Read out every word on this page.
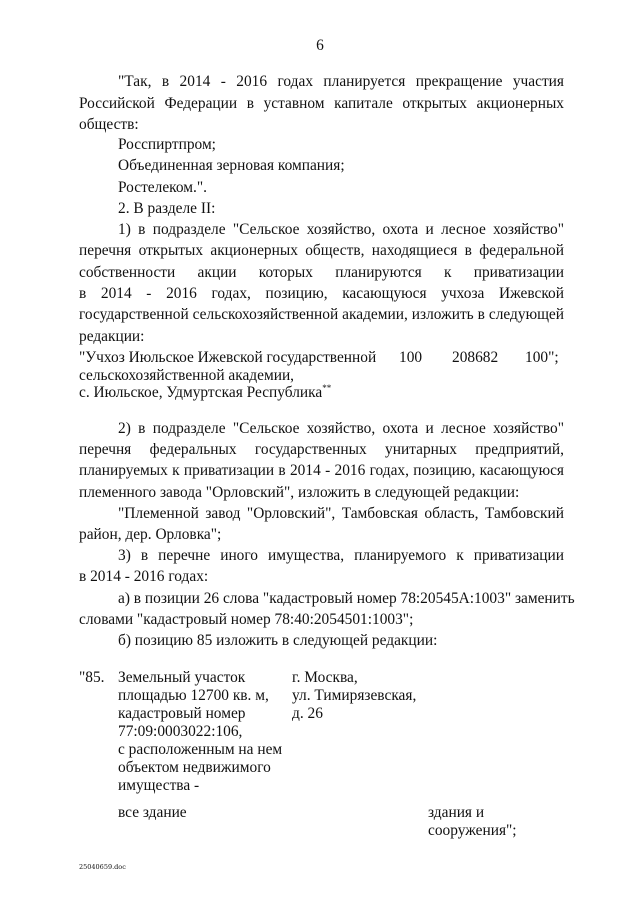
6
"Так, в 2014 - 2016 годах планируется прекращение участия
Российской Федерации в уставном капитале открытых акционерных
обществ:
Росспиртпром;
Объединенная зерновая компания;
Ростелеком.".
2. В разделе II:
1) в подразделе "Сельское хозяйство, охота и лесное хозяйство"
перечня открытых акционерных обществ, находящиеся в федеральной
собственности акции которых планируются к приватизации
в 2014 - 2016 годах, позицию, касающуюся учхоза Ижевской
государственной сельскохозяйственной академии, изложить в следующей
редакции:
"Учхоз Июльское Ижевской государственной 100 208682 100";
сельскохозяйственной академии,
с. Июльское, Удмуртская Республика**
2) в подразделе "Сельское хозяйство, охота и лесное хозяйство"
перечня федеральных государственных унитарных предприятий,
планируемых к приватизации в 2014 - 2016 годах, позицию, касающуюся
племенного завода "Орловский", изложить в следующей редакции:
"Племенной завод "Орловский", Тамбовская область, Тамбовский
район, дер. Орловка";
3) в перечне иного имущества, планируемого к приватизации
в 2014 - 2016 годах:
а) в позиции 26 слова "кадастровый номер 78:20545А:1003" заменить
словами "кадастровый номер 78:40:2054501:1003";
б) позицию 85 изложить в следующей редакции:
"85. Земельный участок
площадью 12700 кв. м,
кадастровый номер
77:09:0003022:106,
с расположенным на нем
объектом недвижимого
имущества -
г. Москва,
ул. Тимирязевская,
д. 26
все здание	здания и
сооружения";
25040659.doc
